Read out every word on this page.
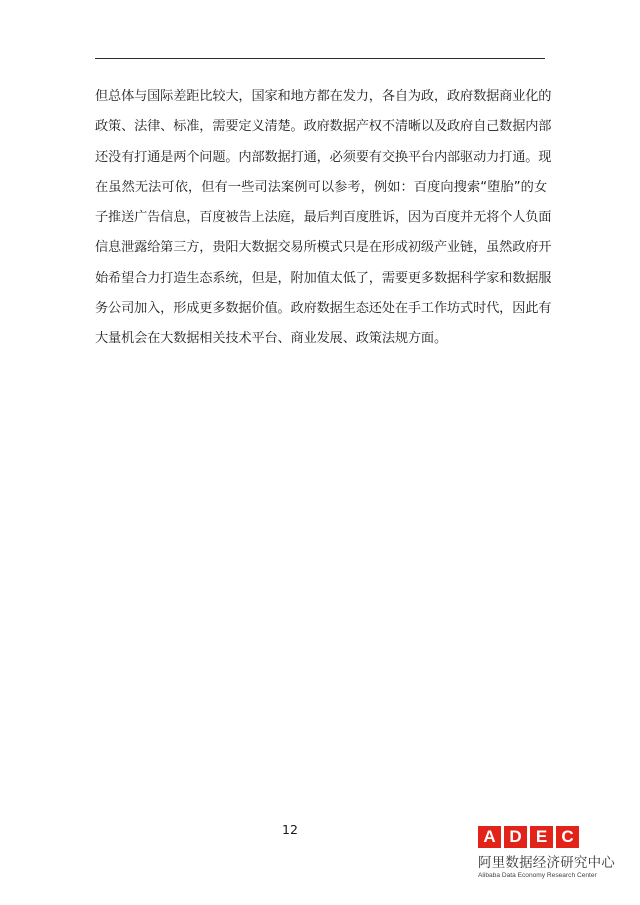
但总体与国际差距比较大，国家和地方都在发力，各自为政，政府数据商业化的
政策、法律、标准，需要定义清楚。政府数据产权不清晰以及政府自己数据内部
还没有打通是两个问题。内部数据打通，必须要有交换平台内部驱动力打通。现
在虽然无法可依，但有一些司法案例可以参考，例如：百度向搜索“堕胎”的女
子推送广告信息，百度被告上法庭，最后判百度胜诉，因为百度并无将个人负面
信息泄露给第三方，贵阳大数据交易所模式只是在形成初级产业链，虽然政府开
始希望合力打造生态系统，但是，附加值太低了，需要更多数据科学家和数据服
务公司加入，形成更多数据价值。政府数据生态还处在手工作坊式时代，因此有
大量机会在大数据相关技术平台、商业发展、政策法规方面。
12	A D E C
阿里数据经济研究中心
Alibaba Data Economy Research Center
